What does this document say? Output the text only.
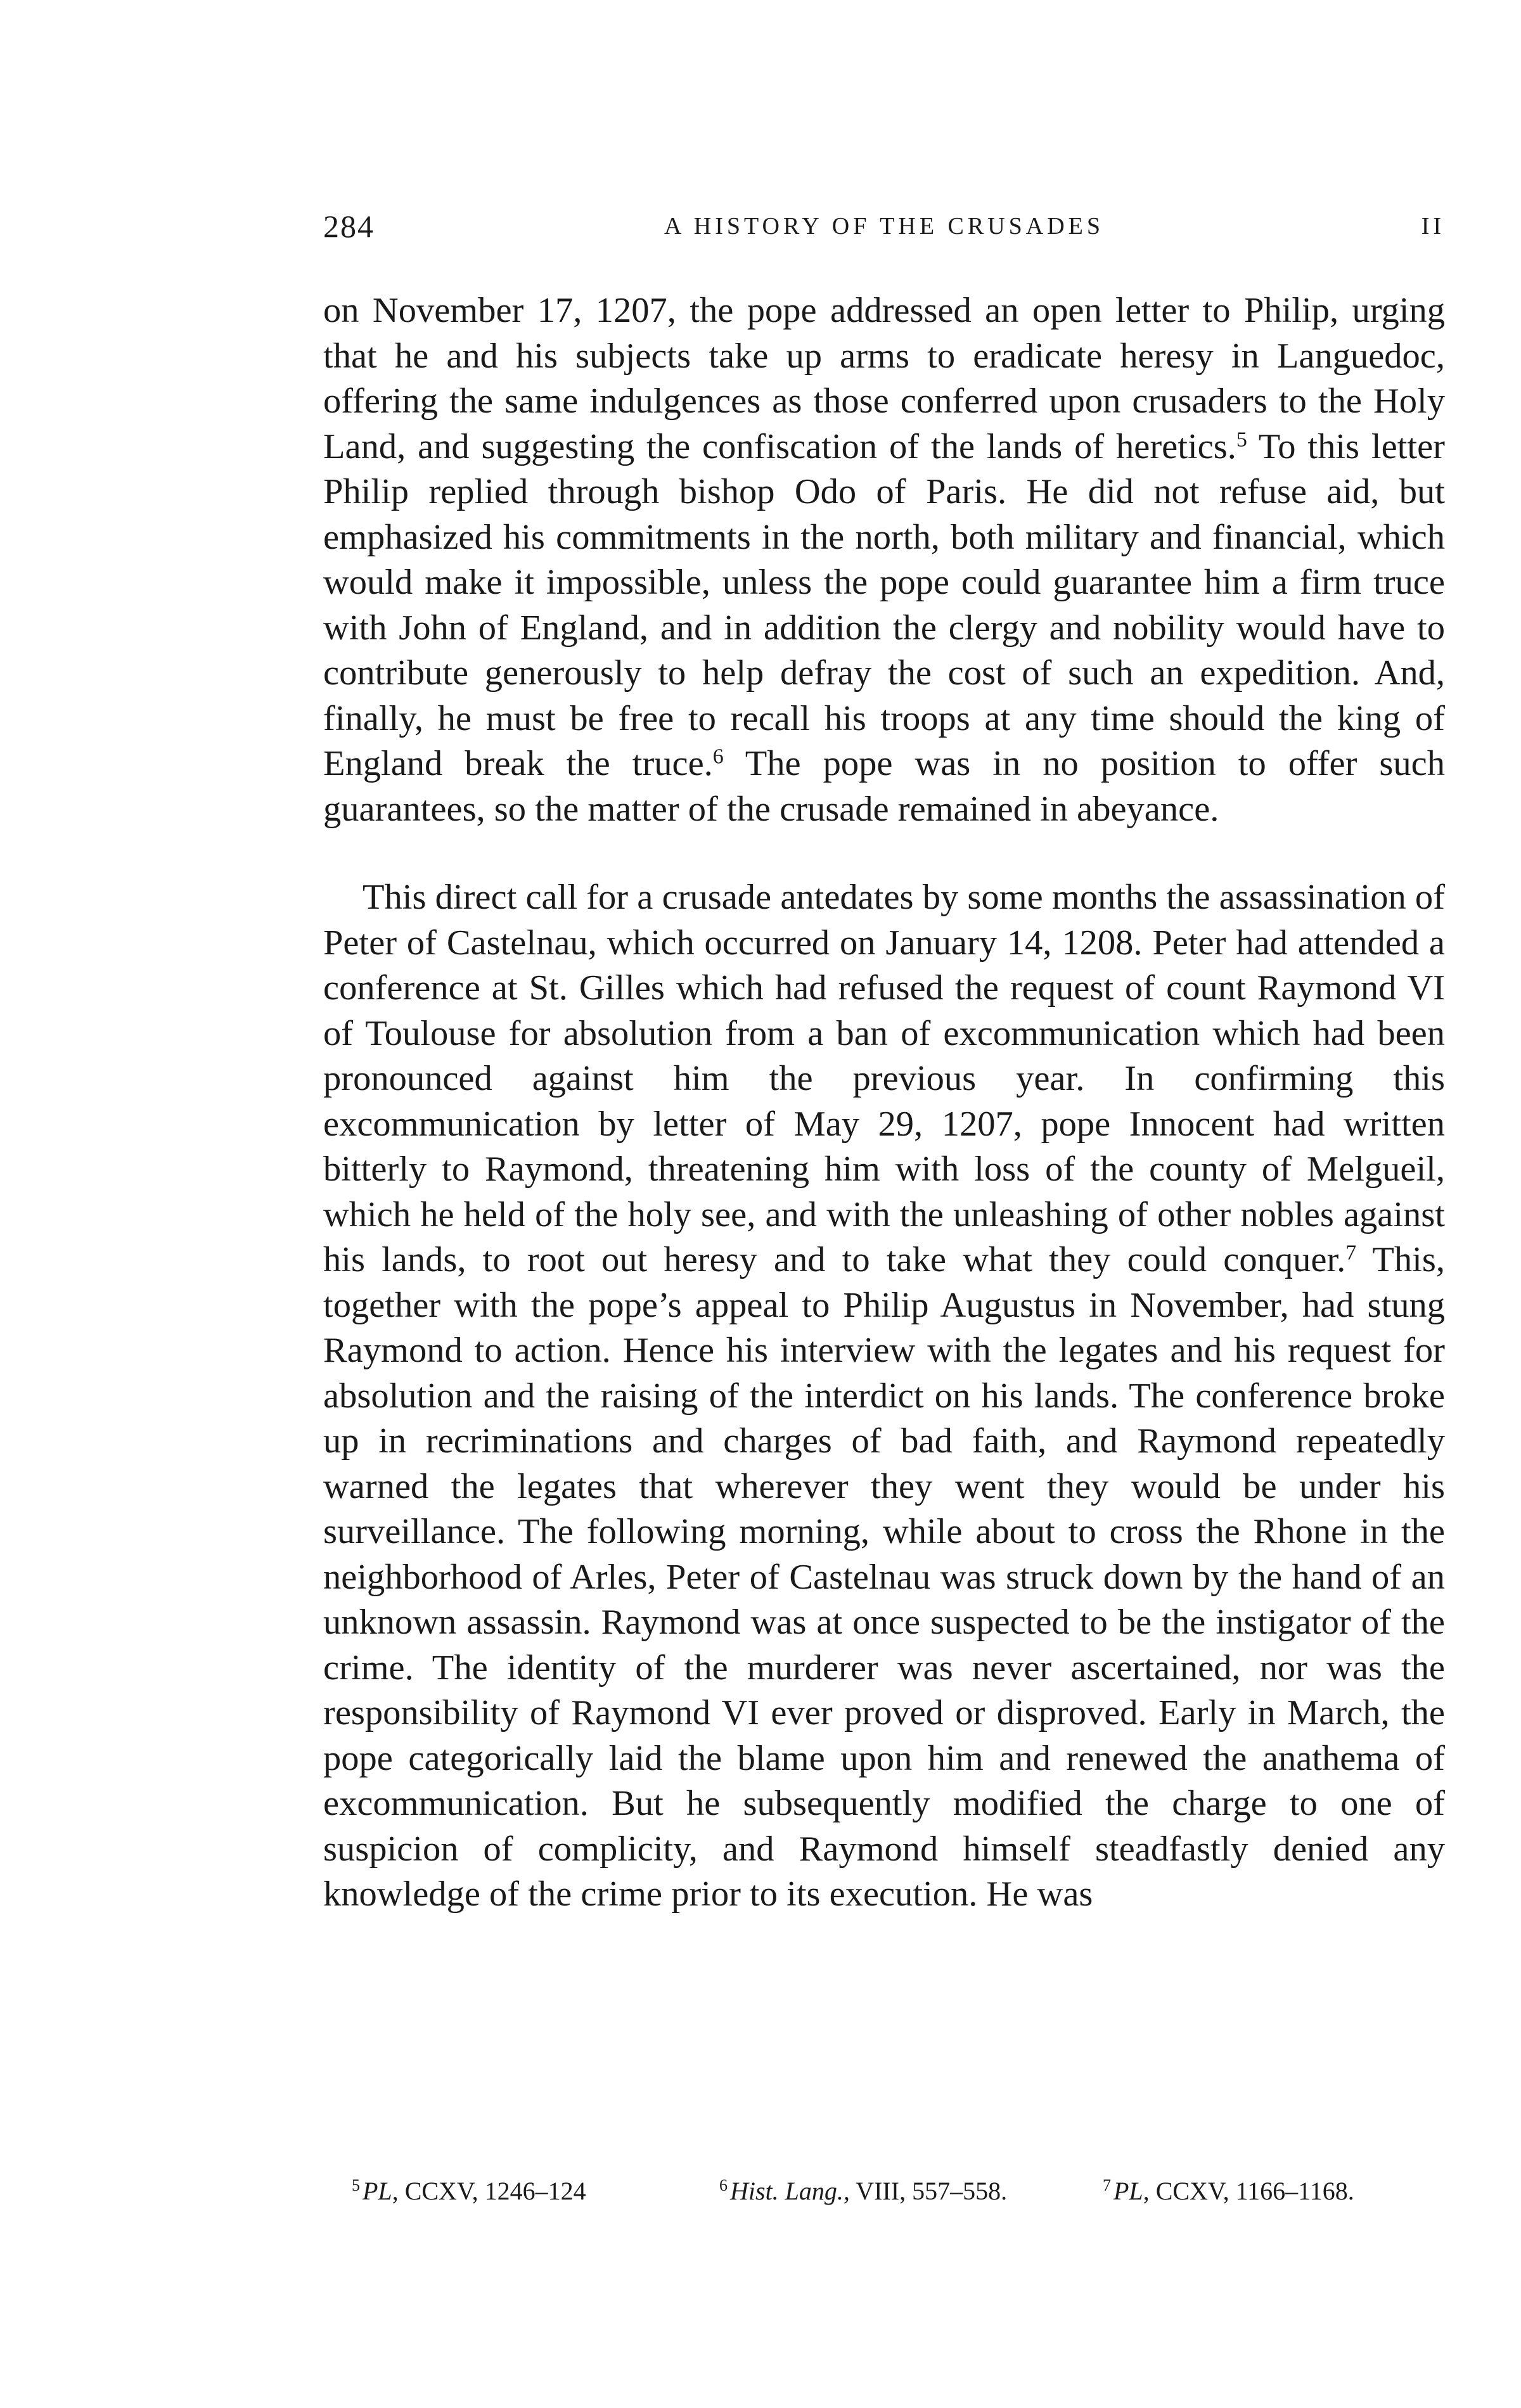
284	A HISTORY OF THE CRUSADES	II

on November 17, 1207, the pope addressed an open letter to Philip, urging that he and his subjects take up arms to eradicate heresy in Languedoc, offering the same indulgences as those conferred upon crusaders to the Holy Land, and suggesting the confiscation of the lands of heretics.$^5$ To this letter Philip replied through bishop Odo of Paris. He did not refuse aid, but emphasized his commitments in the north, both military and financial, which would make it impossible, unless the pope could guarantee him a firm truce with John of England, and in addition the clergy and nobility would have to contribute generously to help defray the cost of such an expedition. And, finally, he must be free to recall his troops at any time should the king of England break the truce.$^6$ The pope was in no position to offer such guarantees, so the matter of the crusade remained in abeyance.

This direct call for a crusade antedates by some months the assassination of Peter of Castelnau, which occurred on January 14, 1208. Peter had attended a conference at St. Gilles which had refused the request of count Raymond VI of Toulouse for absolution from a ban of excommunication which had been pronounced against him the previous year. In confirming this excommunication by letter of May 29, 1207, pope Innocent had written bitterly to Raymond, threatening him with loss of the county of Melgueil, which he held of the holy see, and with the unleashing of other nobles against his lands, to root out heresy and to take what they could conquer.$^7$ This, together with the pope’s appeal to Philip Augustus in November, had stung Raymond to action. Hence his interview with the legates and his request for absolution and the raising of the interdict on his lands. The conference broke up in recriminations and charges of bad faith, and Raymond repeatedly warned the legates that wherever they went they would be under his surveillance. The following morning, while about to cross the Rhone in the neighborhood of Arles, Peter of Castelnau was struck down by the hand of an unknown assassin. Raymond was at once suspected to be the instigator of the crime. The identity of the murderer was never ascertained, nor was the responsibility of Raymond VI ever proved or disproved. Early in March, the pope categorically laid the blame upon him and renewed the anathema of excommunication. But he subsequently modified the charge to one of suspicion of complicity, and Raymond himself steadfastly denied any knowledge of the crime prior to its execution. He was

$^5$ PL, CCXV, 1246–124	$^6$ Hist. Lang., VIII, 557–558.	$^7$ PL, CCXV, 1166–1168.
